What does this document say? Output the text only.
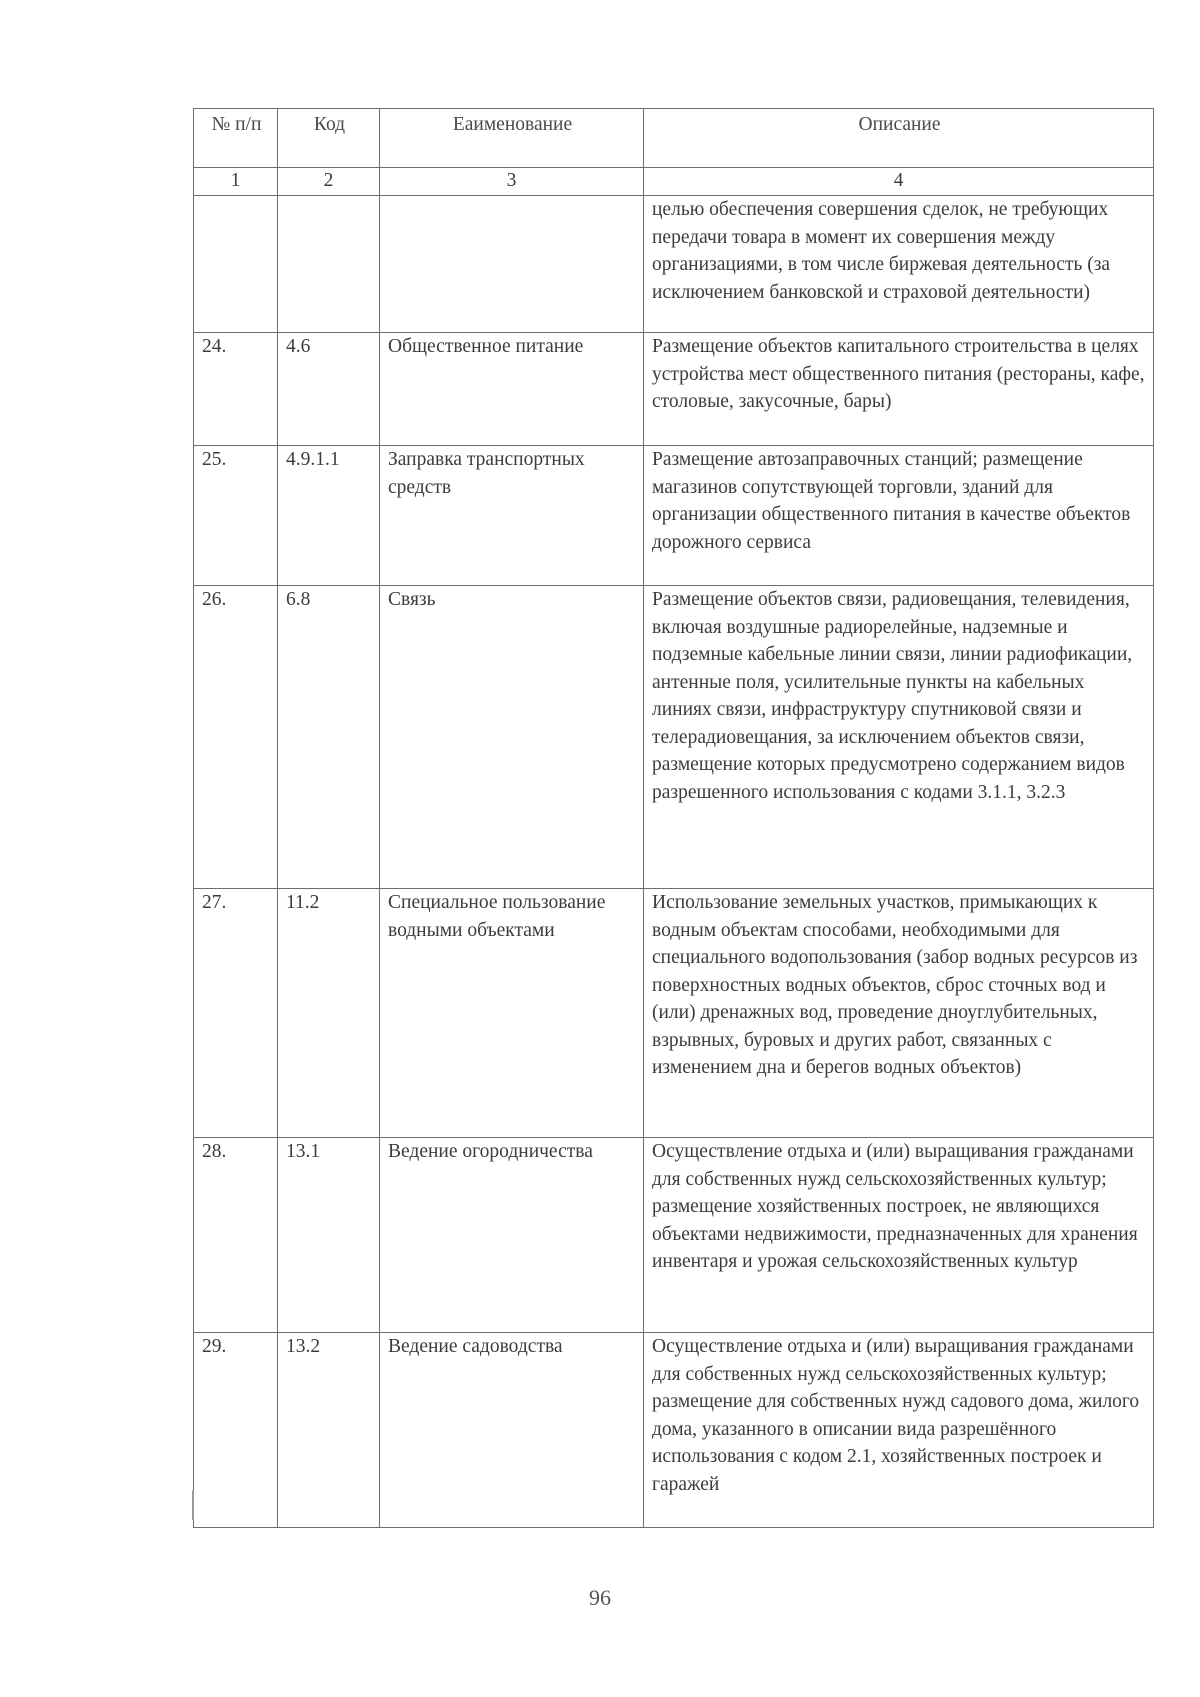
№ п/п	Код	Еаименование	Описание
1	2	3	4
			целью обеспечения совершения сделок, не требующих передачи товара в момент их совершения между организациями, в том числе биржевая деятельность (за исключением банковской и страховой деятельности)
24.	4.6	Общественное питание	Размещение объектов капитального строительства в целях устройства мест общественного питания (рестораны, кафе, столовые, закусочные, бары)
25.	4.9.1.1	Заправка транспортных средств	Размещение автозаправочных станций; размещение магазинов сопутствующей торговли, зданий для организации общественного питания в качестве объектов дорожного сервиса
26.	6.8	Связь	Размещение объектов связи, радиовещания, телевидения, включая воздушные радиорелейные, надземные и подземные кабельные линии связи, линии радиофикации, антенные поля, усилительные пункты на кабельных линиях связи, инфраструктуру спутниковой связи и телерадиовещания, за исключением объектов связи, размещение которых предусмотрено содержанием видов разрешенного использования с кодами 3.1.1, 3.2.3
27.	11.2	Специальное пользование водными объектами	Использование земельных участков, примыкающих к водным объектам способами, необходимыми для специального водопользования (забор водных ресурсов из поверхностных водных объектов, сброс сточных вод и (или) дренажных вод, проведение дноуглубительных, взрывных, буровых и других работ, связанных с изменением дна и берегов водных объектов)
28.	13.1	Ведение огородничества	Осуществление отдыха и (или) выращивания гражданами для собственных нужд сельскохозяйственных культур; размещение хозяйственных построек, не являющихся объектами недвижимости, предназначенных для хранения инвентаря и урожая сельскохозяйственных культур
29.	13.2	Ведение садоводства	Осуществление отдыха и (или) выращивания гражданами для собственных нужд сельскохозяйственных культур; размещение для собственных нужд садового дома, жилого дома, указанного в описании вида разрешённого использования с кодом 2.1, хозяйственных построек и гаражей
96
